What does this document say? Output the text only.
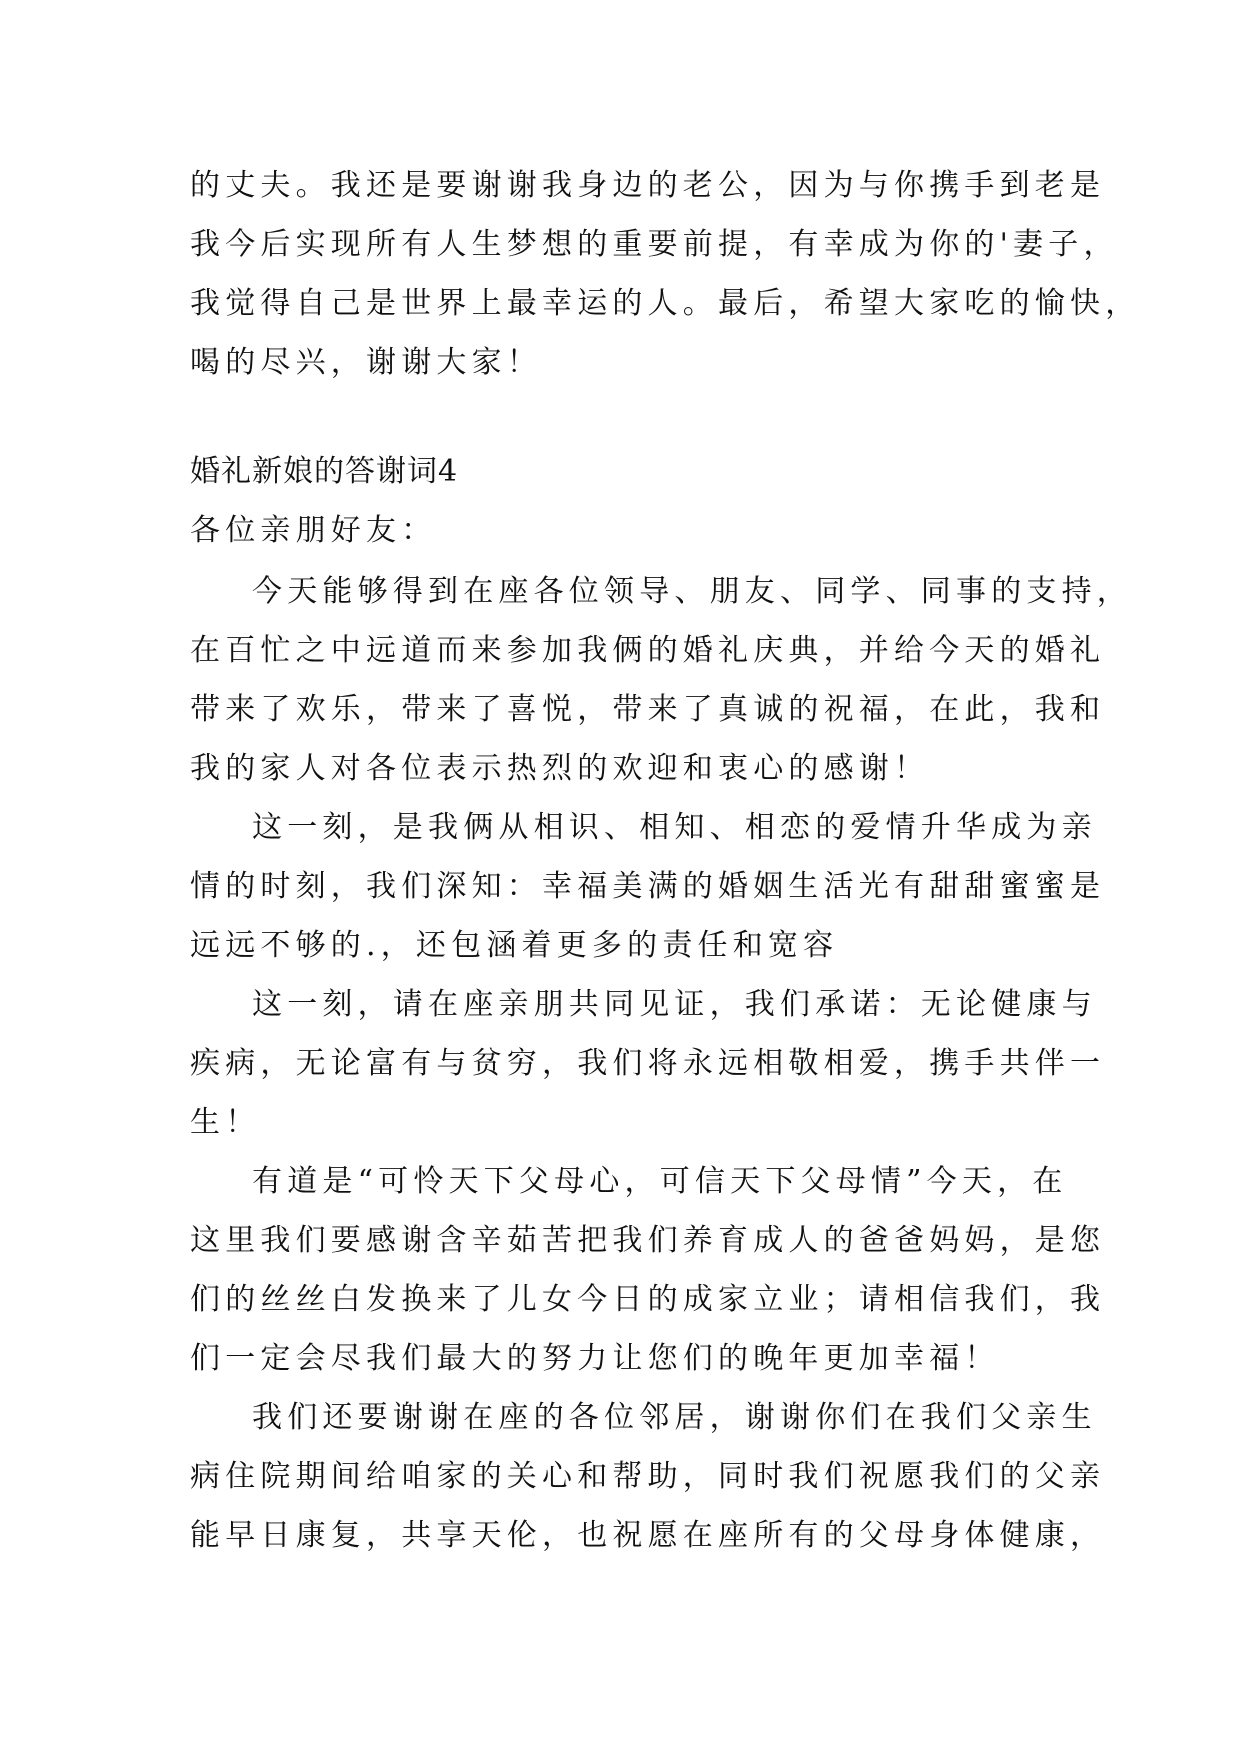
的丈夫。我还是要谢谢我身边的老公，因为与你携手到老是
我今后实现所有人生梦想的重要前提，有幸成为你的'妻子，
我觉得自己是世界上最幸运的人。最后，希望大家吃的愉快，
喝的尽兴，谢谢大家！
婚礼新娘的答谢词4
各位亲朋好友：
今天能够得到在座各位领导、朋友、同学、同事的支持，
在百忙之中远道而来参加我俩的婚礼庆典，并给今天的婚礼
带来了欢乐，带来了喜悦，带来了真诚的祝福，在此，我和
我的家人对各位表示热烈的欢迎和衷心的感谢！
这一刻，是我俩从相识、相知、相恋的爱情升华成为亲
情的时刻，我们深知：幸福美满的婚姻生活光有甜甜蜜蜜是
远远不够的.，还包涵着更多的责任和宽容
这一刻，请在座亲朋共同见证，我们承诺：无论健康与
疾病，无论富有与贫穷，我们将永远相敬相爱，携手共伴一
生！
有道是“可怜天下父母心，可信天下父母情”今天，在
这里我们要感谢含辛茹苦把我们养育成人的爸爸妈妈，是您
们的丝丝白发换来了儿女今日的成家立业；请相信我们，我
们一定会尽我们最大的努力让您们的晚年更加幸福！
我们还要谢谢在座的各位邻居，谢谢你们在我们父亲生
病住院期间给咱家的关心和帮助，同时我们祝愿我们的父亲
能早日康复，共享天伦，也祝愿在座所有的父母身体健康，
